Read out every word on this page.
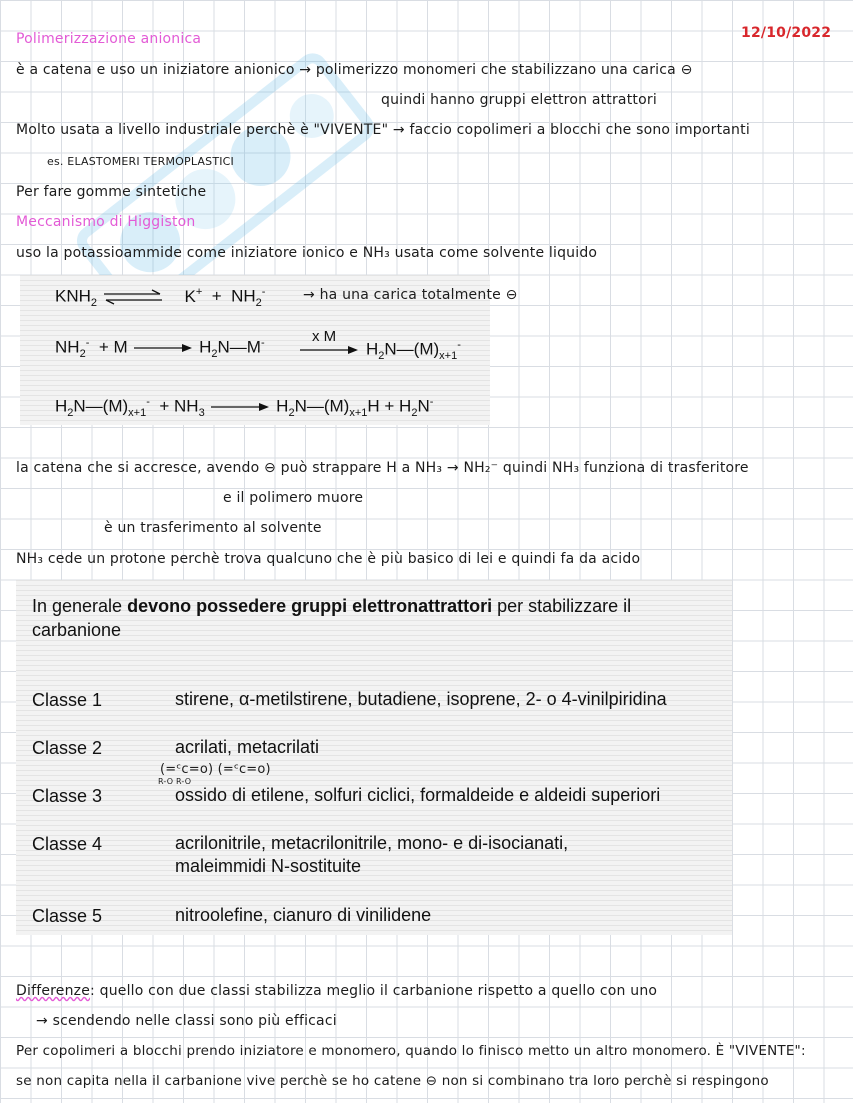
Polimerizzazione anionica	12/10/2022
è a catena e uso un iniziatore anionico → polimerizzo monomeri che stabilizzano una carica ⊖
quindi hanno gruppi elettron attrattori
Molto usata a livello industriale perchè è "VIVENTE" → faccio copolimeri a blocchi che sono importanti
es. ELASTOMERI TERMOPLASTICI
Per fare gomme sintetiche
Meccanismo di Higgiston
uso la potassioammide come iniziatore ionico e NH₃ usata come solvente liquido
$KNH_2$ ⇌ $K^+ + NH_2^-$	→ ha una carica totalmente ⊖
$NH_2^- + M$ → $H_2N—M^-$	x M
→ $H_2N—(M)_{x+1}^-$
$H_2N—(M)_{x+1}^- + NH_3$ → $H_2N—(M)_{x+1}H + H_2N^-$
la catena che si accresce, avendo ⊖ può strappare H a NH₃ → NH₂⁻ quindi NH₃ funziona di trasferitore
e il polimero muore
è un trasferimento al solvente
NH₃ cede un protone perchè trova qualcuno che è più basico di lei e quindi fa da acido
In generale devono possedere gruppi elettronattrattori per stabilizzare il
carbanione
Classe 1	stirene, α-metilstirene, butadiene, isoprene, 2- o 4-vinilpiridina
Classe 2	acrilati, metacrilati
(=ᶜc=o) (=ᶜc=o)
R-O R-O
Classe 3	ossido di etilene, solfuri ciclici, formaldeide e aldeidi superiori
Classe 4	acrilonitrile, metacrilonitrile, mono- e di-isocianati,
maleimmidi N-sostituite
Classe 5	nitroolefine, cianuro di vinilidene
Differenze: quello con due classi stabilizza meglio il carbanione rispetto a quello con uno
→ scendendo nelle classi sono più efficaci
Per copolimeri a blocchi prendo iniziatore e monomero, quando lo finisco metto un altro monomero. È "VIVENTE":
se non capita nella il carbanione vive perchè se ho catene ⊖ non si combinano tra loro perchè si respingono
